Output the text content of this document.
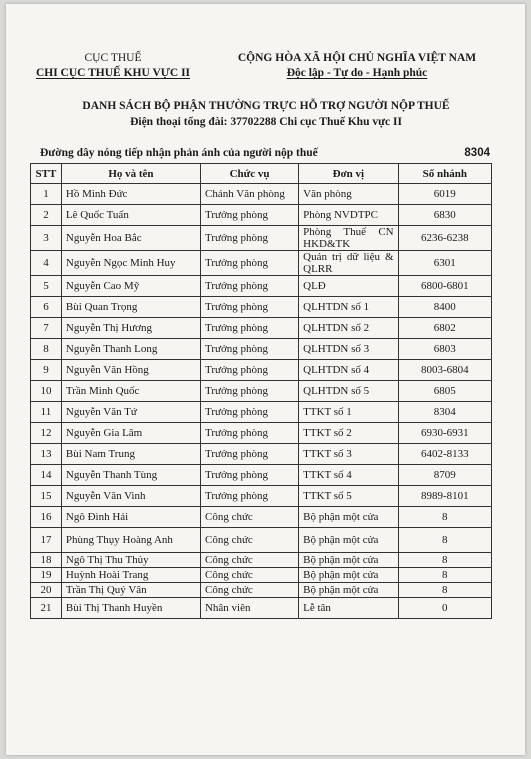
CỤC THUẾ
CHI CỤC THUẾ KHU VỰC II
CỘNG HÒA XÃ HỘI CHỦ NGHĨA VIỆT NAM
Độc lập - Tự do - Hạnh phúc
DANH SÁCH BỘ PHẬN THƯỜNG TRỰC HỖ TRỢ NGƯỜI NỘP THUẾ
Điện thoại tổng đài: 37702288 Chi cục Thuế Khu vực II
Đường dây nóng tiếp nhận phản ánh của người nộp thuế	8304
STT	Họ và tên	Chức vụ	Đơn vị	Số nhánh
1	Hồ Minh Đức	Chánh Văn phòng	Văn phòng	6019
2	Lê Quốc Tuấn	Trưởng phòng	Phòng NVDTPC	6830
3	Nguyễn Hoa Bắc	Trưởng phòng	Phòng Thuế CN HKD&TK	6236-6238
4	Nguyễn Ngọc Minh Huy	Trưởng phòng	Quản trị dữ liệu & QLRR	6301
5	Nguyễn Cao Mỹ	Trưởng phòng	QLĐ	6800-6801
6	Bùi Quan Trọng	Trưởng phòng	QLHTDN số 1	8400
7	Nguyễn Thị Hương	Trưởng phòng	QLHTDN số 2	6802
8	Nguyễn Thanh Long	Trưởng phòng	QLHTDN số 3	6803
9	Nguyễn Văn Hồng	Trưởng phòng	QLHTDN số 4	8003-6804
10	Trần Minh Quốc	Trưởng phòng	QLHTDN số 5	6805
11	Nguyễn Văn Tứ	Trưởng phòng	TTKT số 1	8304
12	Nguyễn Gia Lâm	Trưởng phòng	TTKT số 2	6930-6931
13	Bùi Nam Trung	Trưởng phòng	TTKT số 3	6402-8133
14	Nguyễn Thanh Tùng	Trưởng phòng	TTKT số 4	8709
15	Nguyễn Văn Vinh	Trưởng phòng	TTKT số 5	8989-8101
16	Ngô Đình Hải	Công chức	Bộ phận một cửa	8
17	Phùng Thụy Hoàng Anh	Công chức	Bộ phận một cửa	8
18	Ngô Thị Thu Thủy	Công chức	Bộ phận một cửa	8
19	Huỳnh Hoài Trang	Công chức	Bộ phận một cửa	8
20	Trần Thị Quý Vân	Công chức	Bộ phận một cửa	8
21	Bùi Thị Thanh Huyền	Nhân viên	Lễ tân	0
